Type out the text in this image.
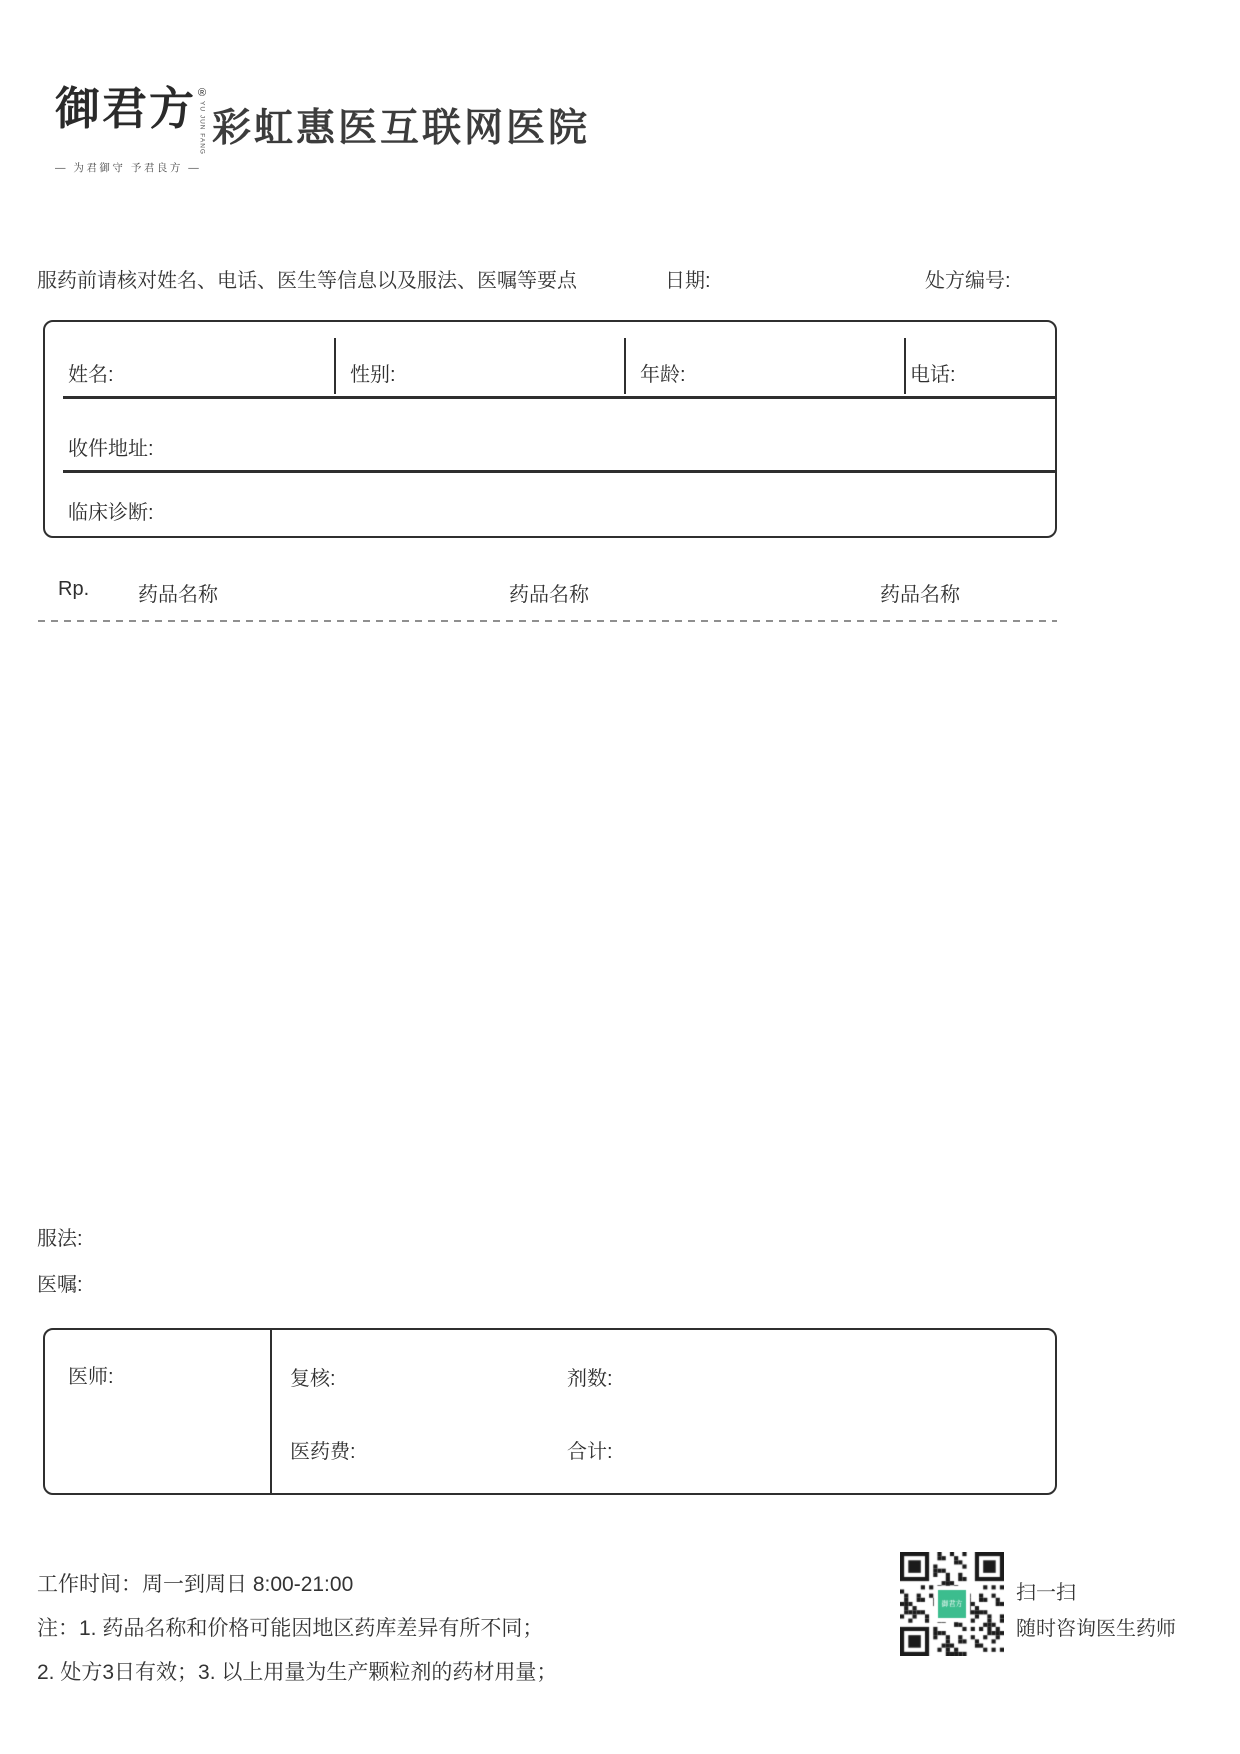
御君方 ®
YU JUN FANG
— 为君御守 予君良方 —
彩虹惠医互联网医院
服药前请核对姓名、电话、医生等信息以及服法、医嘱等要点	日期:	处方编号:
姓名:	性别:	年龄:	电话:
收件地址:
临床诊断:
Rp. 药品名称	药品名称	药品名称
服法:
医嘱:
医师:	复核:	剂数:
医药费:	合计:
工作时间：周一到周日 8:00-21:00
注：1. 药品名称和价格可能因地区药库差异有所不同；
2. 处方3日有效；3. 以上用量为生产颗粒剂的药材用量；
扫一扫
随时咨询医生药师
